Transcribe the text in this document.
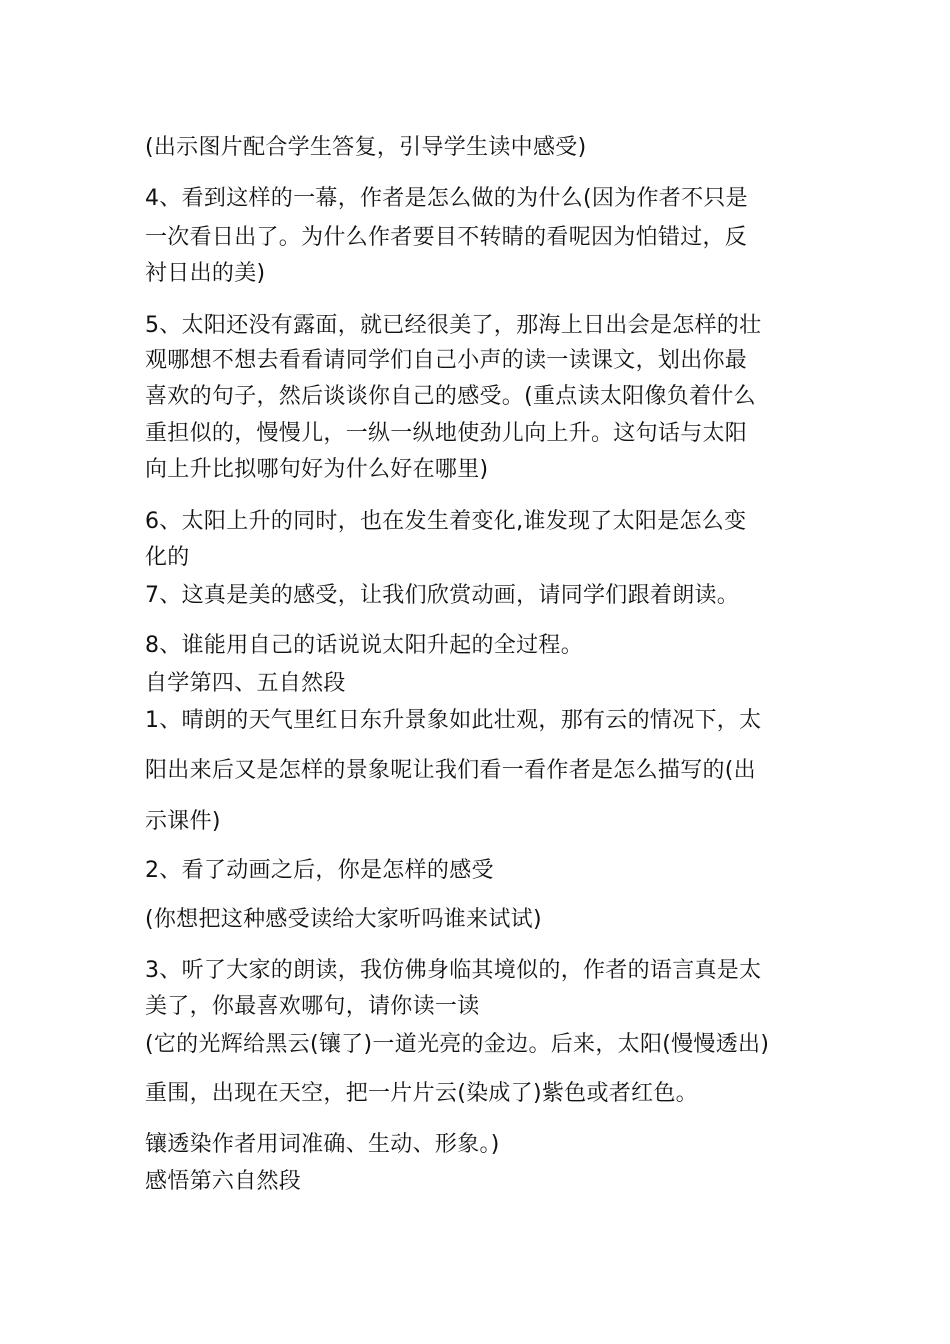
(出示图片配合学生答复，引导学生读中感受)
4、看到这样的一幕，作者是怎么做的为什么(因为作者不只是
一次看日出了。为什么作者要目不转睛的看呢因为怕错过，反
衬日出的美)
5、太阳还没有露面，就已经很美了，那海上日出会是怎样的壮
观哪想不想去看看请同学们自己小声的读一读课文，划出你最
喜欢的句子，然后谈谈你自己的感受。(重点读太阳像负着什么
重担似的，慢慢儿，一纵一纵地使劲儿向上升。这句话与太阳
向上升比拟哪句好为什么好在哪里)
6、太阳上升的同时，也在发生着变化,谁发现了太阳是怎么变
化的
7、这真是美的感受，让我们欣赏动画，请同学们跟着朗读。
8、谁能用自己的话说说太阳升起的全过程。
自学第四、五自然段
1、晴朗的天气里红日东升景象如此壮观，那有云的情况下，太
阳出来后又是怎样的景象呢让我们看一看作者是怎么描写的(出
示课件)
2、看了动画之后，你是怎样的感受
(你想把这种感受读给大家听吗谁来试试)
3、听了大家的朗读，我仿佛身临其境似的，作者的语言真是太
美了，你最喜欢哪句，请你读一读
(它的光辉给黑云(镶了)一道光亮的金边。后来，太阳(慢慢透出)
重围，出现在天空，把一片片云(染成了)紫色或者红色。
镶透染作者用词准确、生动、形象。)
感悟第六自然段
